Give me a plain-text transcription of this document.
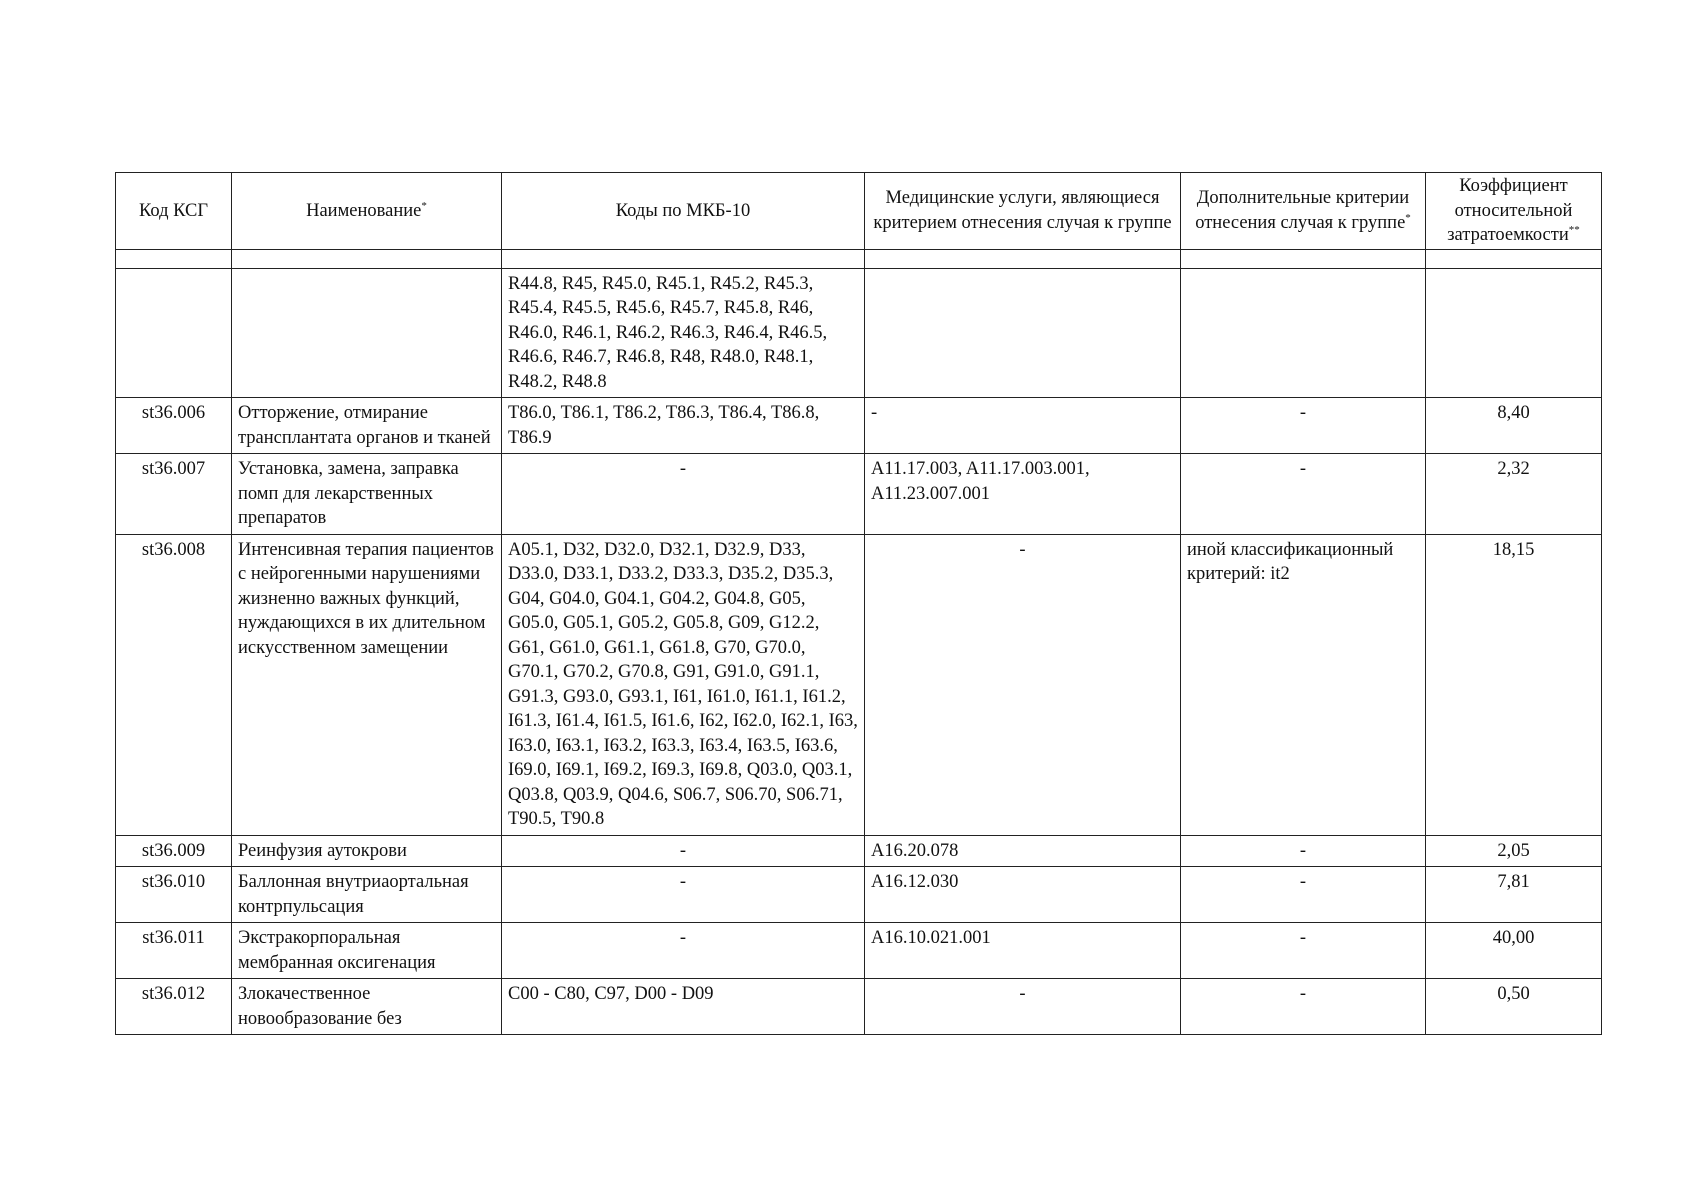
Код КСГ	Наименование*	Коды по МКБ-10	Медицинские услуги, являющиеся критерием отнесения случая к группе	Дополнительные критерии отнесения случая к группе*	Коэффициент относительной затратоемкости**

		R44.8, R45, R45.0, R45.1, R45.2, R45.3, R45.4, R45.5, R45.6, R45.7, R45.8, R46, R46.0, R46.1, R46.2, R46.3, R46.4, R46.5, R46.6, R46.7, R46.8, R48, R48.0, R48.1, R48.2, R48.8			
st36.006	Отторжение, отмирание трансплантата органов и тканей	T86.0, T86.1, T86.2, T86.3, T86.4, T86.8, T86.9	-	-	8,40
st36.007	Установка, замена, заправка помп для лекарственных препаратов	-	A11.17.003, A11.17.003.001, A11.23.007.001	-	2,32
st36.008	Интенсивная терапия пациентов с нейрогенными нарушениями жизненно важных функций, нуждающихся в их длительном искусственном замещении	A05.1, D32, D32.0, D32.1, D32.9, D33, D33.0, D33.1, D33.2, D33.3, D35.2, D35.3, G04, G04.0, G04.1, G04.2, G04.8, G05, G05.0, G05.1, G05.2, G05.8, G09, G12.2, G61, G61.0, G61.1, G61.8, G70, G70.0, G70.1, G70.2, G70.8, G91, G91.0, G91.1, G91.3, G93.0, G93.1, I61, I61.0, I61.1, I61.2, I61.3, I61.4, I61.5, I61.6, I62, I62.0, I62.1, I63, I63.0, I63.1, I63.2, I63.3, I63.4, I63.5, I63.6, I69.0, I69.1, I69.2, I69.3, I69.8, Q03.0, Q03.1, Q03.8, Q03.9, Q04.6, S06.7, S06.70, S06.71, T90.5, T90.8	-	иной классификационный критерий: it2	18,15
st36.009	Реинфузия аутокрови	-	A16.20.078	-	2,05
st36.010	Баллонная внутриаортальная контрпульсация	-	A16.12.030	-	7,81
st36.011	Экстракорпоральная мембранная оксигенация	-	A16.10.021.001	-	40,00
st36.012	Злокачественное новообразование без	C00 - C80, C97, D00 - D09	-	-	0,50
